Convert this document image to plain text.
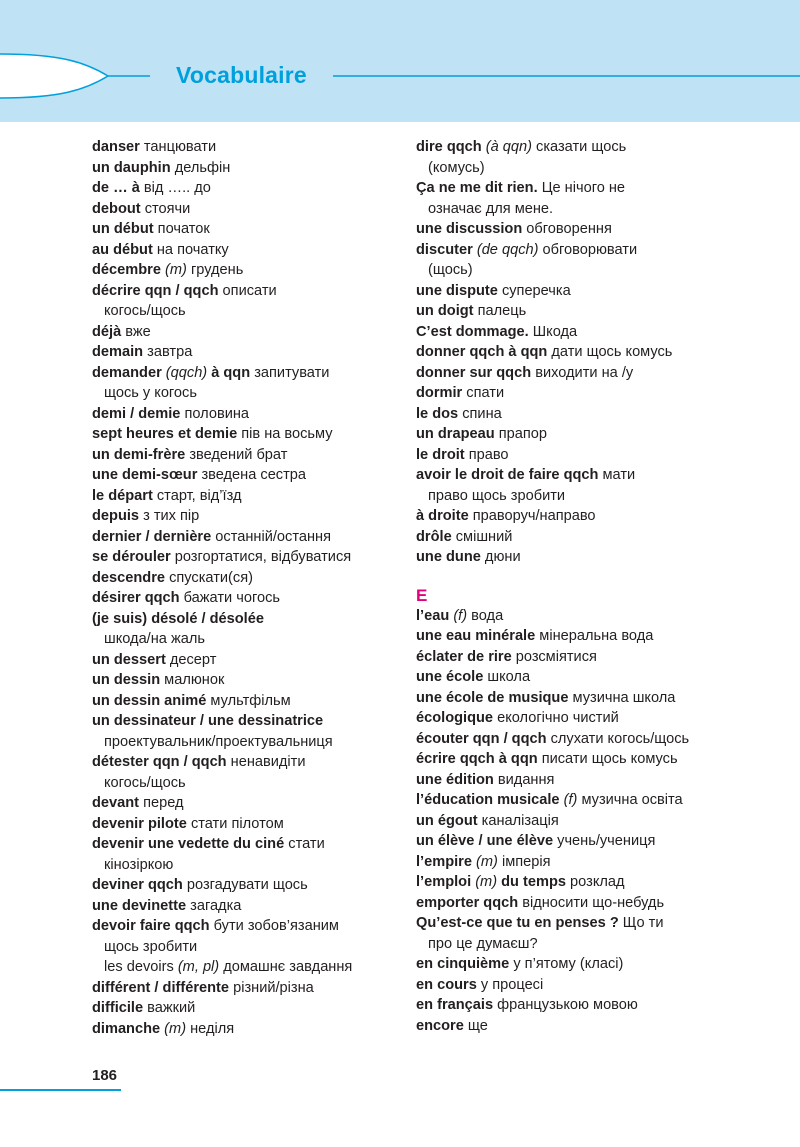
Vocabulaire
danser танцювати
un dauphin дельфін
de … à від ….. до
debout стоячи
un début початок
au début на початку
décembre (m) грудень
décrire qqn / qqch описати
когось/щось
déjà вже
demain завтра
demander (qqch) à qqn запитувати
щось у когось
demi / demie половина
sept heures et demie пів на восьму
un demi-frère зведений брат
une demi-sœur зведена сестра
le départ старт, від’їзд
depuis з тих пір
dernier / dernière останній/остання
se dérouler розгортатися, відбуватися
descendre спускати(ся)
désirer qqch бажати чогось
(je suis) désolé / désolée
шкода/на жаль
un dessert десерт
un dessin малюнок
un dessin animé мультфільм
un dessinateur / une dessinatrice
проектувальник/проектувальниця
détester qqn / qqch ненавидіти
когось/щось
devant перед
devenir pilote стати пілотом
devenir une vedette du ciné стати
кінозіркою
deviner qqch розгадувати щось
une devinette загадка
devoir faire qqch бути зобов’язаним
щось зробити
les devoirs (m, pl) домашнє завдання
différent / différente різний/різна
difficile важкий
dimanche (m) неділя
dire qqch (à qqn) сказати щось
(комусь)
Ça ne me dit rien. Це нічого не
означає для мене.
une discussion обговорення
discuter (de qqch) обговорювати
(щось)
une dispute суперечка
un doigt палець
C’est dommage. Шкода
donner qqch à qqn дати щось комусь
donner sur qqch виходити на /у
dormir спати
le dos спина
un drapeau прапор
le droit право
avoir le droit de faire qqch мати
право щось зробити
à droite праворуч/направо
drôle смішний
une dune дюни
E
l’eau (f) вода
une eau minérale мінеральна вода
éclater de rire розсміятися
une école школа
une école de musique музична школа
écologique екологічно чистий
écouter qqn / qqch слухати когось/щось
écrire qqch à qqn писати щось комусь
une édition видання
l’éducation musicale (f) музична освіта
un égout каналізація
un élève / une élève учень/учениця
l’empire (m) імперія
l’emploi (m) du temps розклад
emporter qqch відносити що-небудь
Qu’est-ce que tu en penses ? Що ти
про це думаєш?
en cinquième у п’ятому (класі)
en cours у процесі
en français французькою мовою
encore ще
186
